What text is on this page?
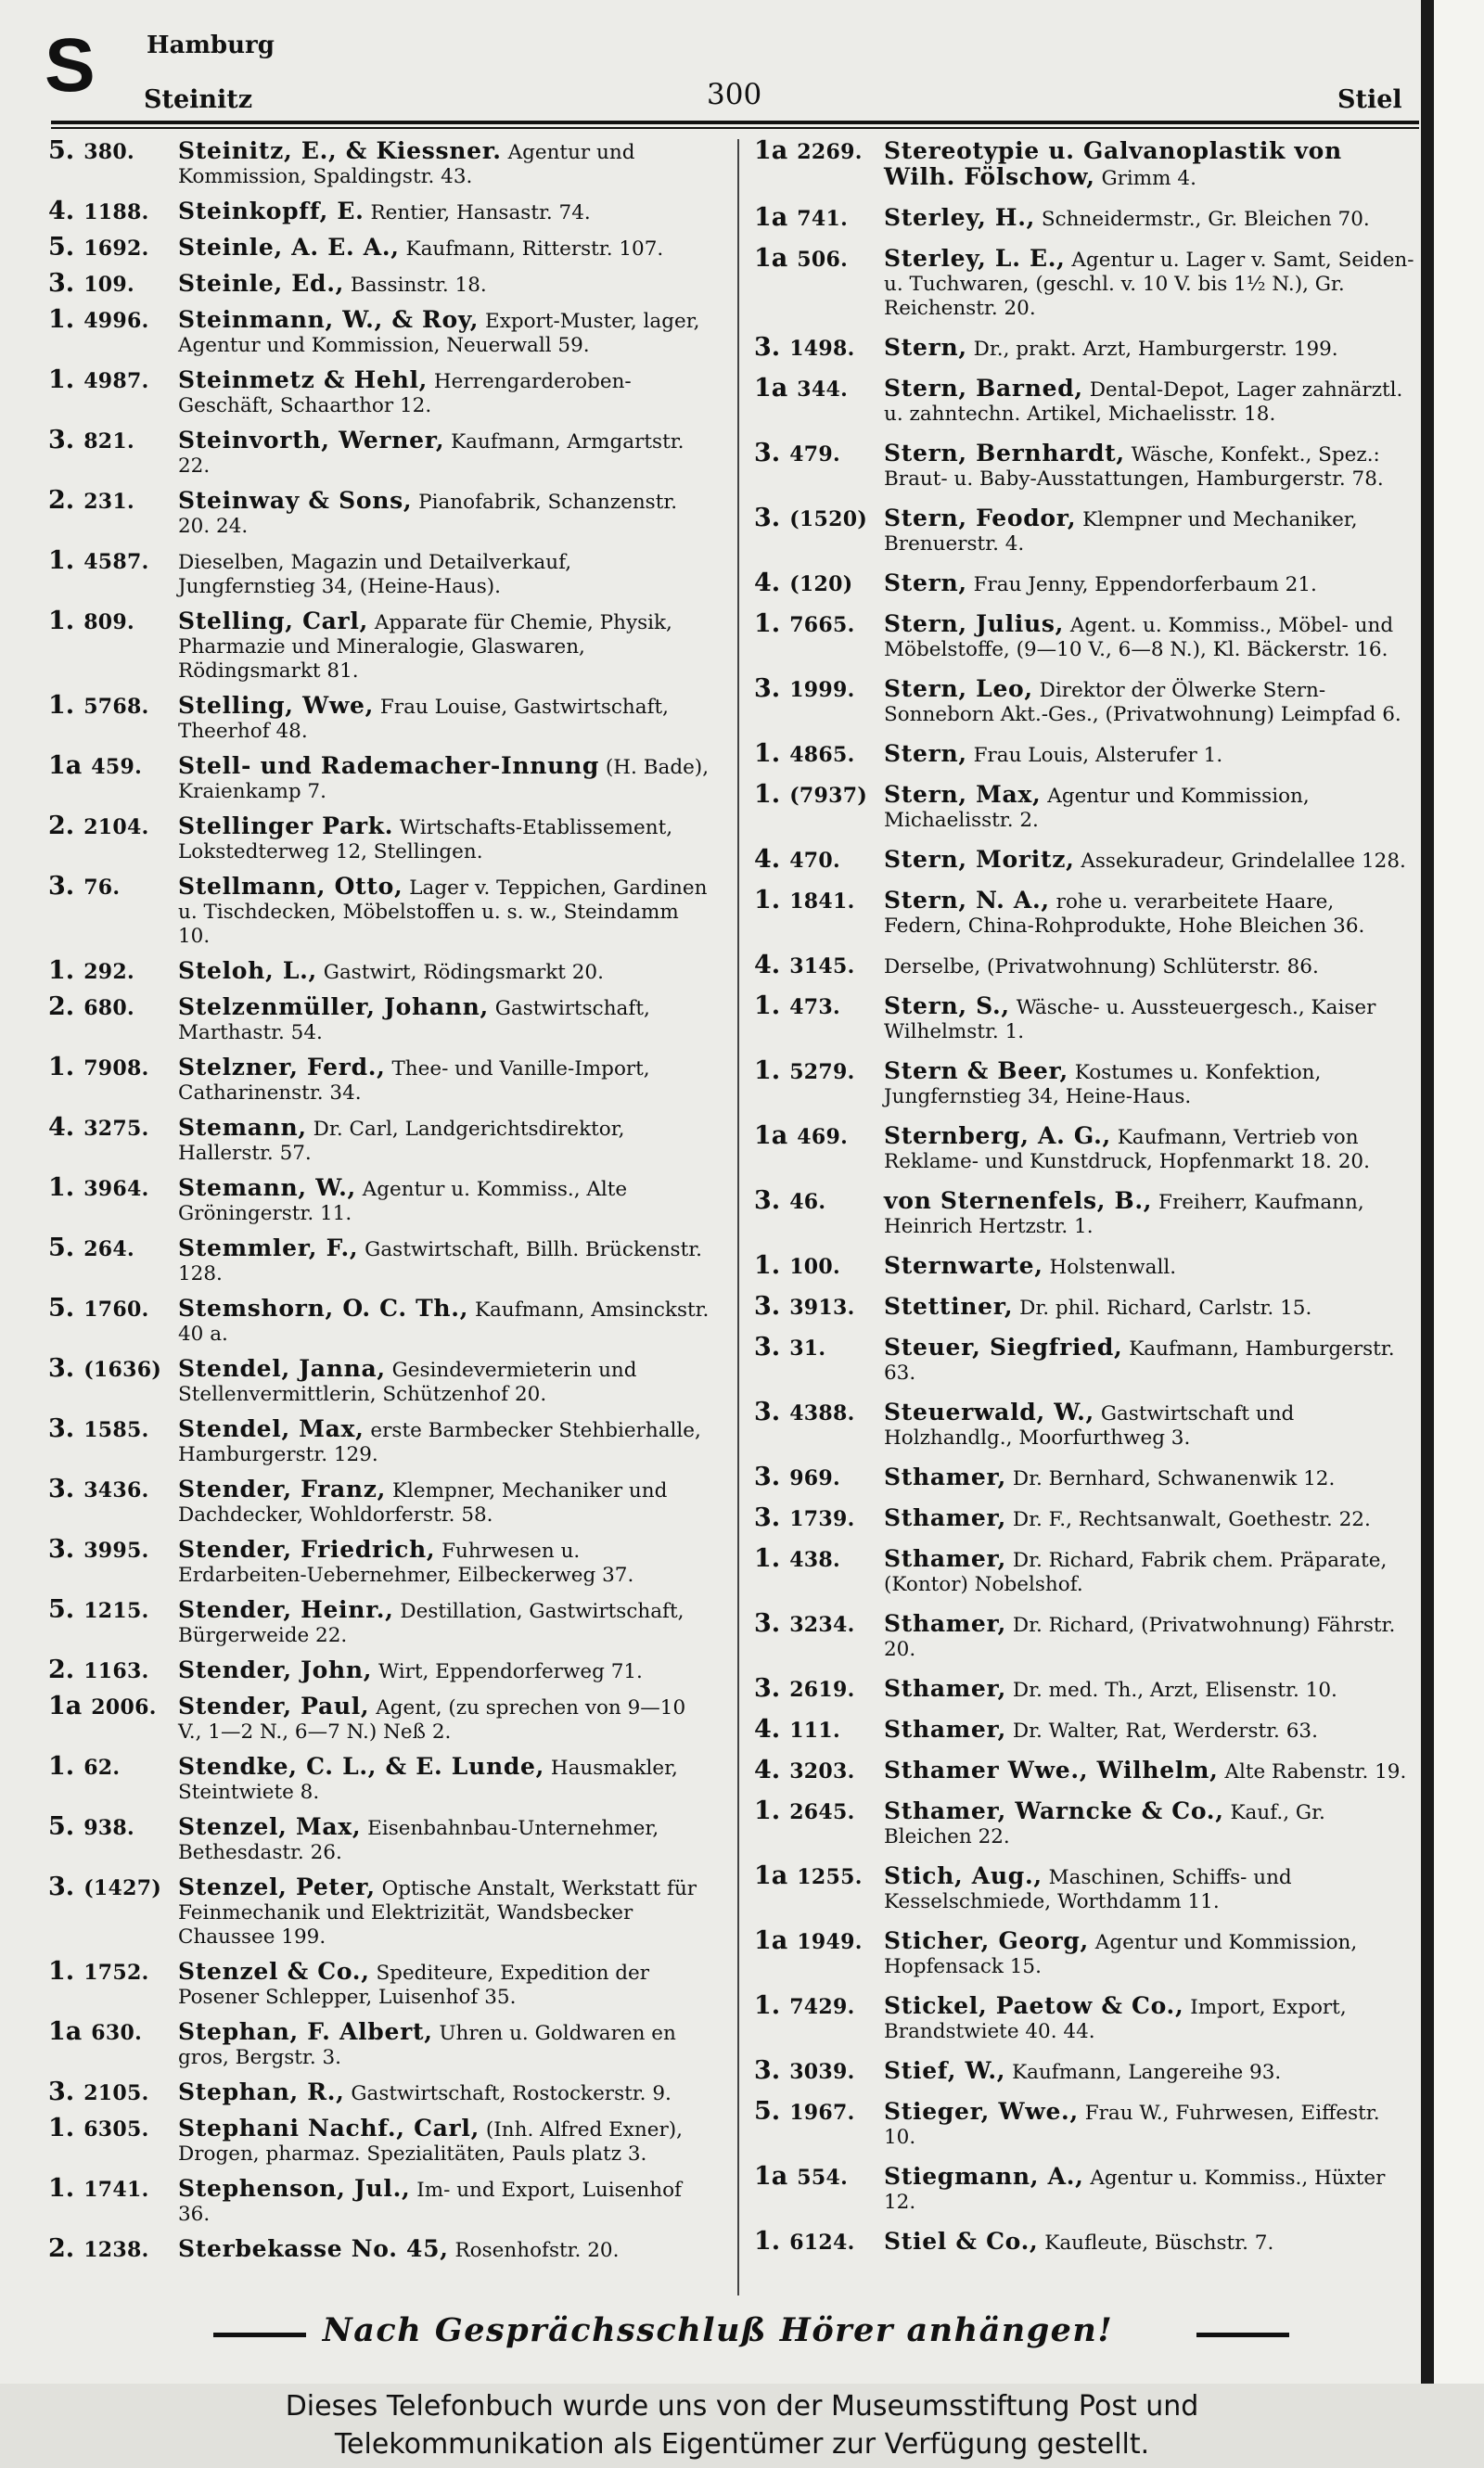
S Hamburg
Steinitz	300	Stiel
5. 380.	Steinitz, E., & Kiessner. Agentur und Kommission, Spaldingstr. 43.
4. 1188.	Steinkopff, E. Rentier, Hansastr. 74.
5. 1692.	Steinle, A. E. A., Kaufmann, Ritterstr. 107.
3. 109.	Steinle, Ed., Bassinstr. 18.
1. 4996.	Steinmann, W., & Roy, Export-Muster, lager, Agentur und Kommission, Neuerwall 59.
1. 4987.	Steinmetz & Hehl, Herrengarderoben-Geschäft, Schaarthor 12.
3. 821.	Steinvorth, Werner, Kaufmann, Armgartstr. 22.
2. 231.	Steinway & Sons, Pianofabrik, Schanzenstr. 20. 24.
1. 4587.	Dieselben, Magazin und Detailverkauf, Jungfernstieg 34, (Heine-Haus).
1. 809.	Stelling, Carl, Apparate für Chemie, Physik, Pharmazie und Mineralogie, Glaswaren, Rödingsmarkt 81.
1. 5768.	Stelling, Wwe, Frau Louise, Gastwirtschaft, Theerhof 48.
1a 459.	Stell- und Rademacher-Innung (H. Bade), Kraienkamp 7.
2. 2104.	Stellinger Park. Wirtschafts-Etablissement, Lokstedterweg 12, Stellingen.
3. 76.	Stellmann, Otto, Lager v. Teppichen, Gardinen u. Tischdecken, Möbelstoffen u. s. w., Steindamm 10.
1. 292.	Steloh, L., Gastwirt, Rödingsmarkt 20.
2. 680.	Stelzenmüller, Johann, Gastwirtschaft, Marthastr. 54.
1. 7908.	Stelzner, Ferd., Thee- und Vanille-Import, Catharinenstr. 34.
4. 3275.	Stemann, Dr. Carl, Landgerichtsdirektor, Hallerstr. 57.
1. 3964.	Stemann, W., Agentur u. Kommiss., Alte Gröningerstr. 11.
5. 264.	Stemmler, F., Gastwirtschaft, Billh. Brückenstr. 128.
5. 1760.	Stemshorn, O. C. Th., Kaufmann, Amsinckstr. 40 a.
3. (1636) Stendel, Janna, Gesindevermieterin und Stellenvermittlerin, Schützenhof 20.
3. 1585.	Stendel, Max, erste Barmbecker Stehbierhalle, Hamburgerstr. 129.
3. 3436.	Stender, Franz, Klempner, Mechaniker und Dachdecker, Wohldorferstr. 58.
3. 3995.	Stender, Friedrich, Fuhrwesen u. Erdarbeiten-Uebernehmer, Eilbeckerweg 37.
5. 1215.	Stender, Heinr., Destillation, Gastwirtschaft, Bürgerweide 22.
2. 1163.	Stender, John, Wirt, Eppendorferweg 71.
1a 2006. Stender, Paul, Agent, (zu sprechen von 9—10 V., 1—2 N., 6—7 N.) Neß 2.
1. 62.	Stendke, C. L., & E. Lunde, Hausmakler, Steintwiete 8.
5. 938.	Stenzel, Max, Eisenbahnbau-Unternehmer, Bethesdastr. 26.
3. (1427) Stenzel, Peter, Optische Anstalt, Werkstatt für Feinmechanik und Elektrizität, Wandsbecker Chaussee 199.
1. 1752.	Stenzel & Co., Spediteure, Expedition der Posener Schlepper, Luisenhof 35.
1a 630.	Stephan, F. Albert, Uhren u. Goldwaren en gros, Bergstr. 3.
3. 2105.	Stephan, R., Gastwirtschaft, Rostockerstr. 9.
1. 6305.	Stephani Nachf., Carl, (Inh. Alfred Exner), Drogen, pharmaz. Spezialitäten, Pauls platz 3.
1. 1741.	Stephenson, Jul., Im- und Export, Luisenhof 36.
2. 1238.	Sterbekasse No. 45, Rosenhofstr. 20.
1a 2269. Stereotypie u. Galvanoplastik von Wilh. Fölschow, Grimm 4.
1a 741.	Sterley, H., Schneidermstr., Gr. Bleichen 70.
1a 506.	Sterley, L. E., Agentur u. Lager v. Samt, Seiden- u. Tuchwaren, (geschl. v. 10 V. bis 1½ N.), Gr. Reichenstr. 20.
3. 1498.	Stern, Dr., prakt. Arzt, Hamburgerstr. 199.
1a 344.	Stern, Barned, Dental-Depot, Lager zahnärztl. u. zahntechn. Artikel, Michaelisstr. 18.
3. 479.	Stern, Bernhardt, Wäsche, Konfekt., Spez.: Braut- u. Baby-Ausstattungen, Hamburgerstr. 78.
3. (1520) Stern, Feodor, Klempner und Mechaniker, Brenuerstr. 4.
4. (120)	Stern, Frau Jenny, Eppendorferbaum 21.
1. 7665.	Stern, Julius, Agent. u. Kommiss., Möbel- und Möbelstoffe, (9—10 V., 6—8 N.), Kl. Bäckerstr. 16.
3. 1999.	Stern, Leo, Direktor der Ölwerke Stern-Sonneborn Akt.-Ges., (Privatwohnung) Leimpfad 6.
1. 4865.	Stern, Frau Louis, Alsterufer 1.
1. (7937) Stern, Max, Agentur und Kommission, Michaelisstr. 2.
4. 470.	Stern, Moritz, Assekuradeur, Grindelallee 128.
1. 1841.	Stern, N. A., rohe u. verarbeitete Haare, Federn, China-Rohprodukte, Hohe Bleichen 36.
4. 3145.	Derselbe, (Privatwohnung) Schlüterstr. 86.
1. 473.	Stern, S., Wäsche- u. Aussteuergesch., Kaiser Wilhelmstr. 1.
1. 5279.	Stern & Beer, Kostumes u. Konfektion, Jungfernstieg 34, Heine-Haus.
1a 469.	Sternberg, A. G., Kaufmann, Vertrieb von Reklame- und Kunstdruck, Hopfenmarkt 18. 20.
3. 46.	von Sternenfels, B., Freiherr, Kaufmann, Heinrich Hertzstr. 1.
1. 100.	Sternwarte, Holstenwall.
3. 3913.	Stettiner, Dr. phil. Richard, Carlstr. 15.
3. 31.	Steuer, Siegfried, Kaufmann, Hamburgerstr. 63.
3. 4388.	Steuerwald, W., Gastwirtschaft und Holzhandlg., Moorfurthweg 3.
3. 969.	Sthamer, Dr. Bernhard, Schwanenwik 12.
3. 1739.	Sthamer, Dr. F., Rechtsanwalt, Goethestr. 22.
1. 438.	Sthamer, Dr. Richard, Fabrik chem. Präparate, (Kontor) Nobelshof.
3. 3234.	Sthamer, Dr. Richard, (Privatwohnung) Fährstr. 20.
3. 2619.	Sthamer, Dr. med. Th., Arzt, Elisenstr. 10.
4. 111.	Sthamer, Dr. Walter, Rat, Werderstr. 63.
4. 3203.	Sthamer Wwe., Wilhelm, Alte Rabenstr. 19.
1. 2645.	Sthamer, Warncke & Co., Kauf., Gr. Bleichen 22.
1a 1255. Stich, Aug., Maschinen, Schiffs- und Kesselschmiede, Worthdamm 11.
1a 1949. Sticher, Georg, Agentur und Kommission, Hopfensack 15.
1. 7429.	Stickel, Paetow & Co., Import, Export, Brandstwiete 40. 44.
3. 3039.	Stief, W., Kaufmann, Langereihe 93.
5. 1967.	Stieger, Wwe., Frau W., Fuhrwesen, Eiffestr. 10.
1a 554.	Stiegmann, A., Agentur u. Kommiss., Hüxter 12.
1. 6124.	Stiel & Co., Kaufleute, Büschstr. 7.
Nach Gesprächsschluß Hörer anhängen!
Dieses Telefonbuch wurde uns von der Museumsstiftung Post und
Telekommunikation als Eigentümer zur Verfügung gestellt.
